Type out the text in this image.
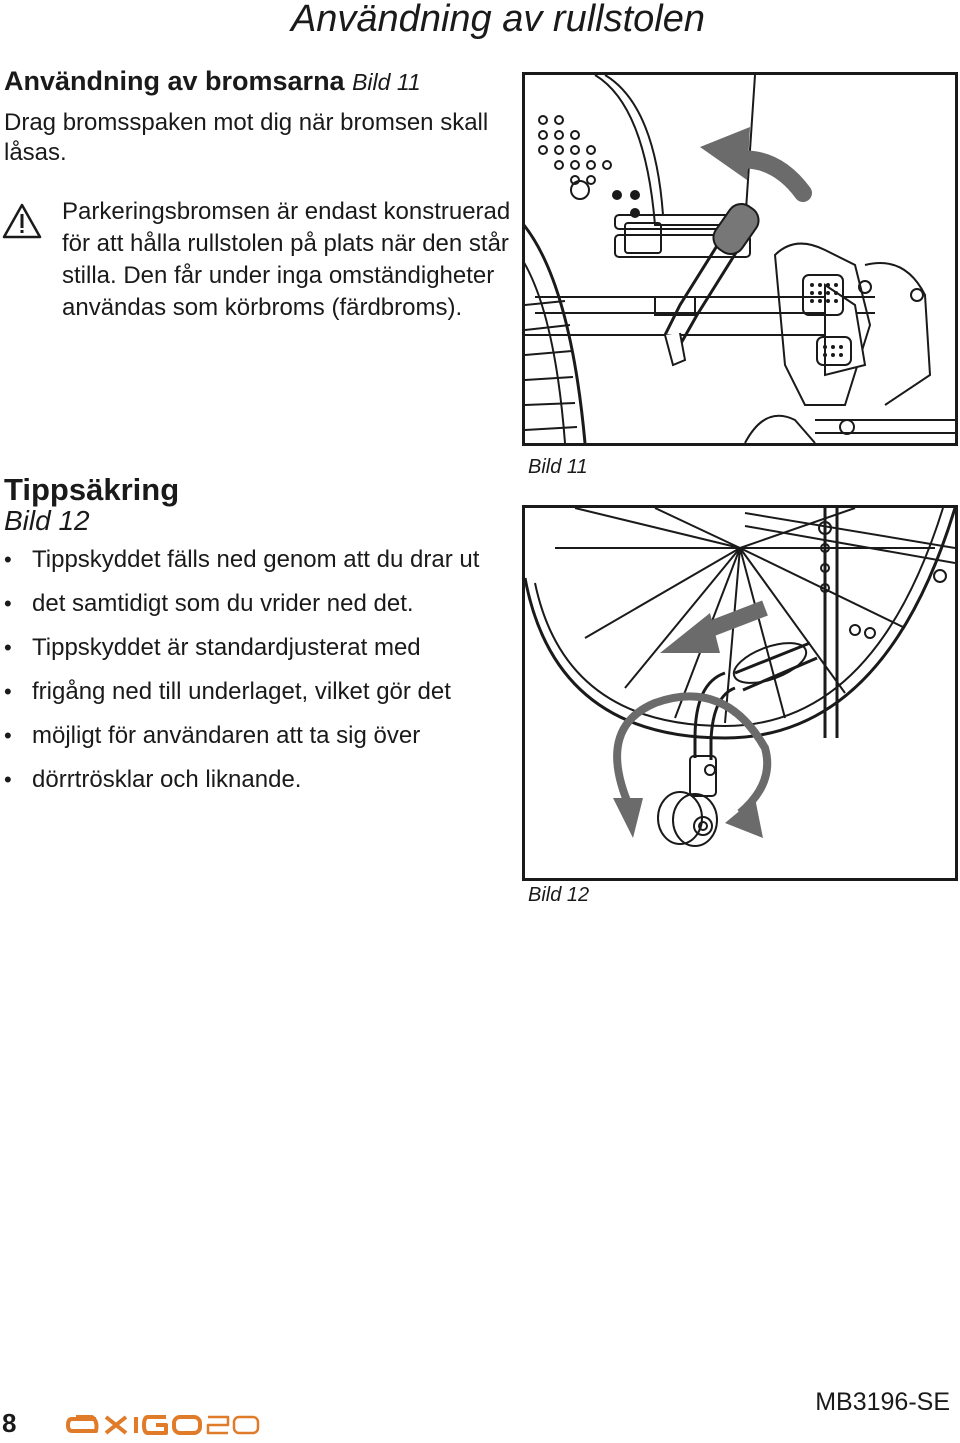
Användning av rullstolen
Användning av bromsarna Bild 11
Drag bromsspaken mot dig när bromsen skall låsas.
Parkeringsbromsen är endast konstruerad för att hålla rullstolen på plats när den står stilla. Den får under inga omständigheter användas som körbroms (färdbroms).
Bild 11
Tippsäkring
Bild 12
• Tippskyddet fälls ned genom att du drar ut
• det samtidigt som du vrider ned det.
• Tippskyddet är standardjusterat med
• frigång ned till underlaget, vilket gör det
• möjligt för användaren att ta sig över
• dörrtrösklar och liknande.
Bild 12
8
MB3196-SE
